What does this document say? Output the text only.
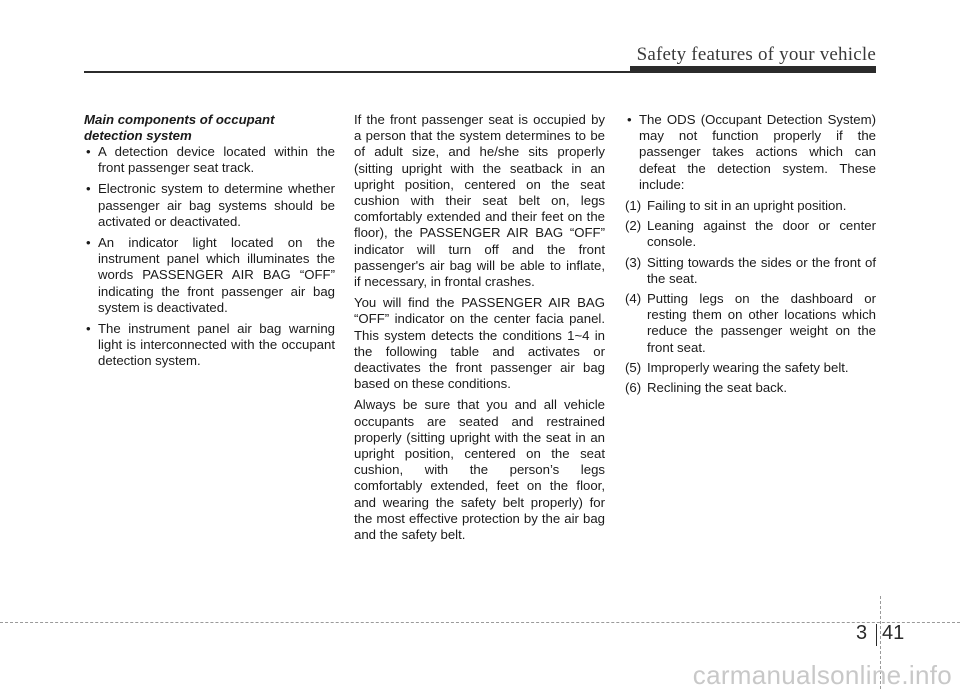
Safety features of your vehicle
Main components of occupant detection system
• A detection device located within the front passenger seat track.
• Electronic system to determine whether passenger air bag systems should be activated or deactivated.
• An indicator light located on the instrument panel which illuminates the words PASSENGER AIR BAG “OFF” indicating the front passenger air bag system is deactivated.
• The instrument panel air bag warning light is interconnected with the occupant detection system.

If the front passenger seat is occupied by a person that the system determines to be of adult size, and he/she sits properly (sitting upright with the seatback in an upright position, centered on the seat cushion with their seat belt on, legs comfortably extended and their feet on the floor), the PASSENGER AIR BAG “OFF” indicator will turn off and the front passenger's air bag will be able to inflate, if necessary, in frontal crashes.

You will find the PASSENGER AIR BAG “OFF” indicator on the center facia panel. This system detects the conditions 1~4 in the following table and activates or deactivates the front passenger air bag based on these conditions.

Always be sure that you and all vehicle occupants are seated and restrained properly (sitting upright with the seat in an upright position, centered on the seat cushion, with the person’s legs comfortably extended, feet on the floor, and wearing the safety belt properly) for the most effective protection by the air bag and the safety belt.

• The ODS (Occupant Detection System) may not function properly if the passenger takes actions which can defeat the detection system. These include:
(1) Failing to sit in an upright position.
(2) Leaning against the door or center console.
(3) Sitting towards the sides or the front of the seat.
(4) Putting legs on the dashboard or resting them on other locations which reduce the passenger weight on the front seat.
(5) Improperly wearing the safety belt.
(6) Reclining the seat back.
3 41
carmanualsonline.info
